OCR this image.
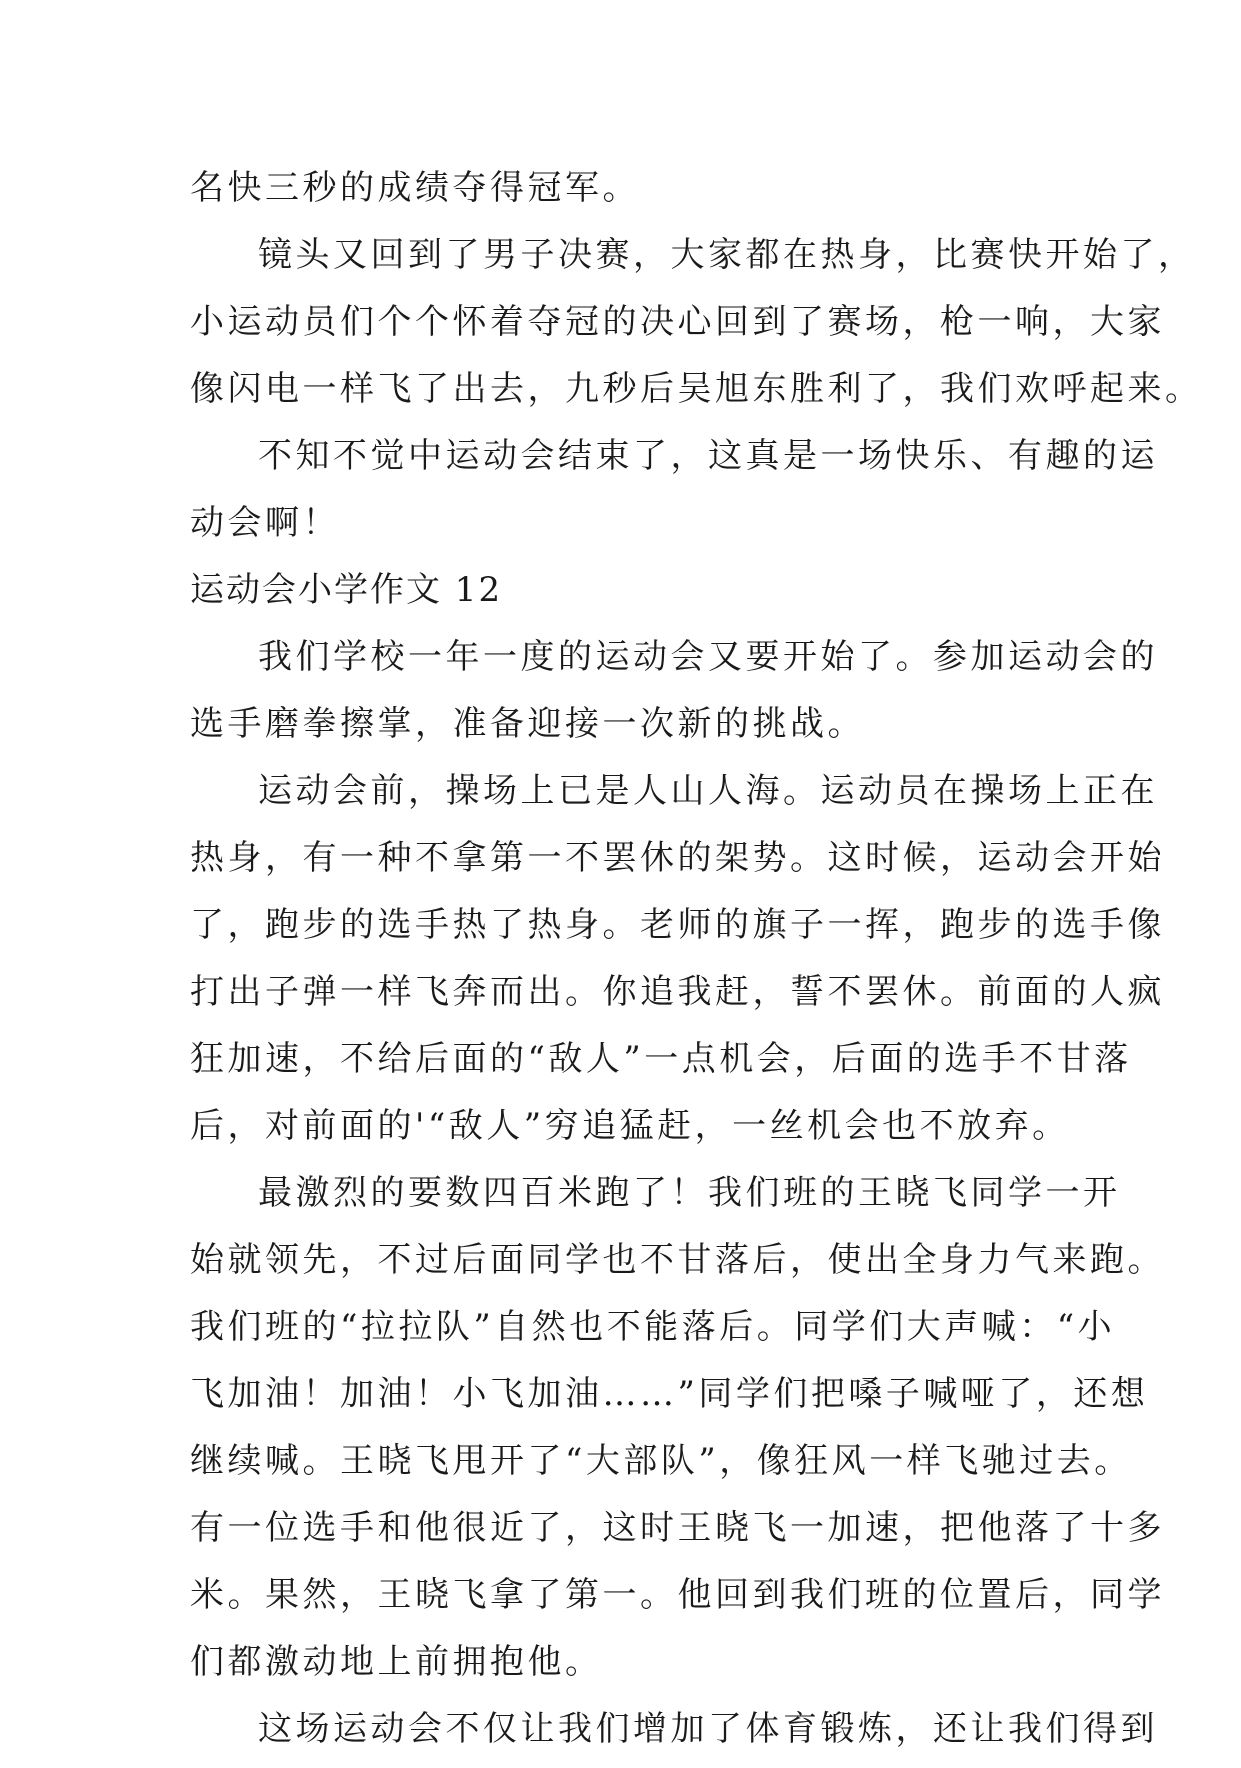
名快三秒的成绩夺得冠军。
镜头又回到了男子决赛，大家都在热身，比赛快开始了，
小运动员们个个怀着夺冠的决心回到了赛场，枪一响，大家
像闪电一样飞了出去，九秒后吴旭东胜利了，我们欢呼起来。
不知不觉中运动会结束了，这真是一场快乐、有趣的运
动会啊！
运动会小学作文 12
我们学校一年一度的运动会又要开始了。参加运动会的
选手磨拳擦掌，准备迎接一次新的挑战。
运动会前，操场上已是人山人海。运动员在操场上正在
热身，有一种不拿第一不罢休的架势。这时候，运动会开始
了，跑步的选手热了热身。老师的旗子一挥，跑步的选手像
打出子弹一样飞奔而出。你追我赶，誓不罢休。前面的人疯
狂加速，不给后面的“敌人”一点机会，后面的选手不甘落
后，对前面的'“敌人”穷追猛赶，一丝机会也不放弃。
最激烈的要数四百米跑了！我们班的王晓飞同学一开
始就领先，不过后面同学也不甘落后，使出全身力气来跑。
我们班的“拉拉队”自然也不能落后。同学们大声喊：“小
飞加油！加油！小飞加油……”同学们把嗓子喊哑了，还想
继续喊。王晓飞甩开了“大部队”，像狂风一样飞驰过去。
有一位选手和他很近了，这时王晓飞一加速，把他落了十多
米。果然，王晓飞拿了第一。他回到我们班的位置后，同学
们都激动地上前拥抱他。
这场运动会不仅让我们增加了体育锻炼，还让我们得到
